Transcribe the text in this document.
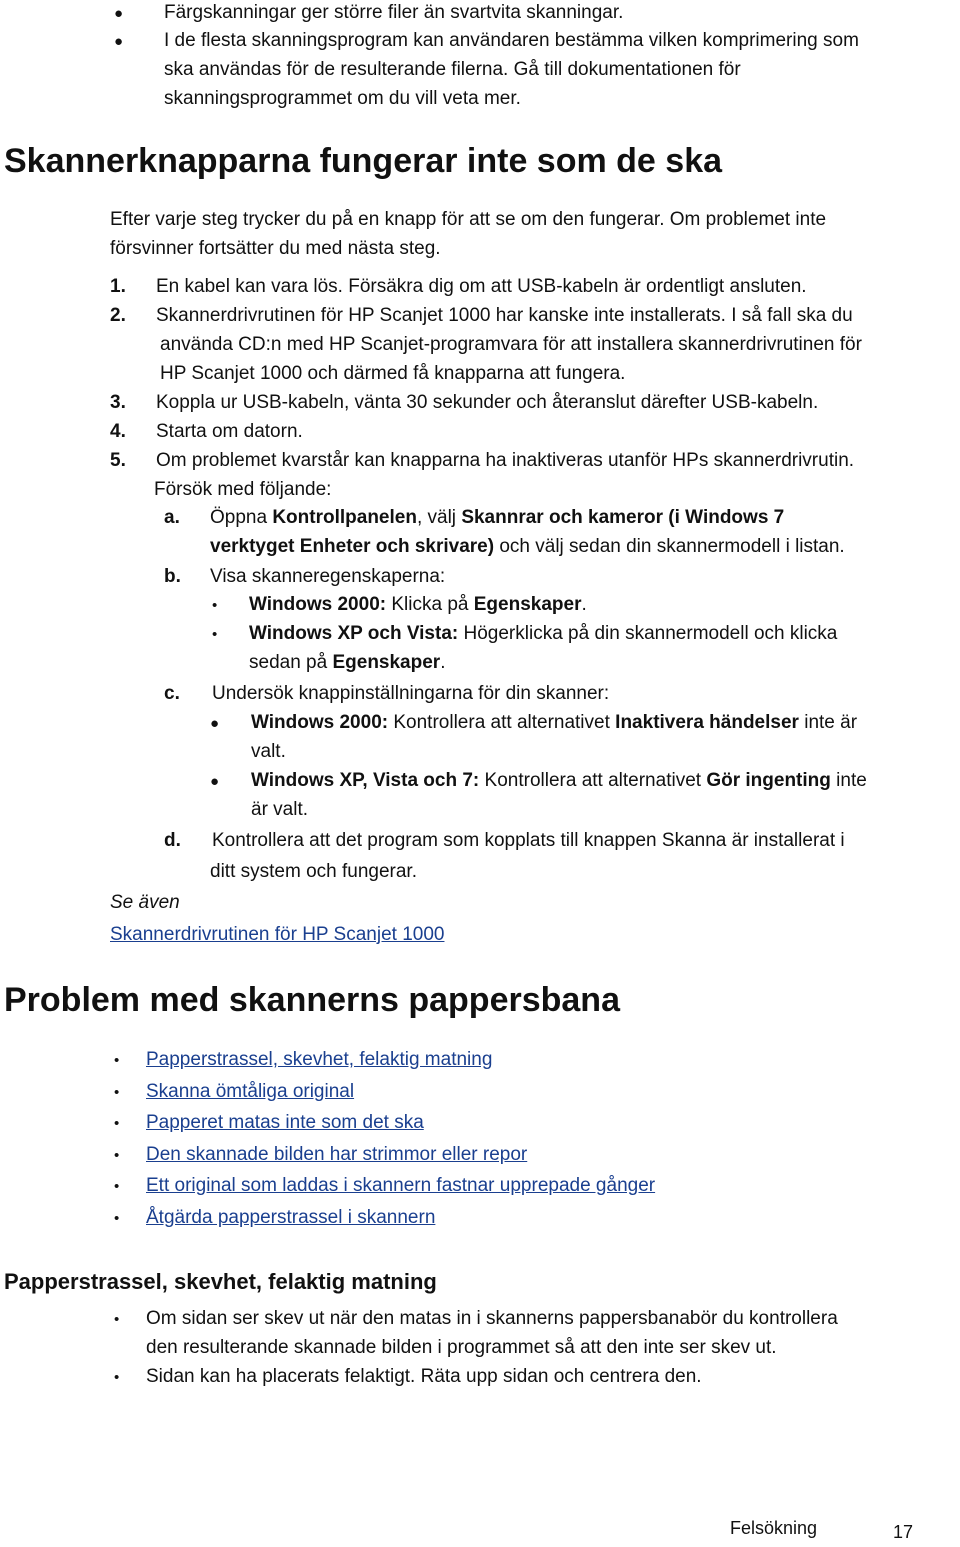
● Färgskanningar ger större filer än svartvita skanningar.
● I de flesta skanningsprogram kan användaren bestämma vilken komprimering som
ska användas för de resulterande filerna. Gå till dokumentationen för
skanningsprogrammet om du vill veta mer.
Skannerknapparna fungerar inte som de ska
Efter varje steg trycker du på en knapp för att se om den fungerar. Om problemet inte
försvinner fortsätter du med nästa steg.
1. En kabel kan vara lös. Försäkra dig om att USB-kabeln är ordentligt ansluten.
2. Skannerdrivrutinen för HP Scanjet 1000 har kanske inte installerats. I så fall ska du
använda CD:n med HP Scanjet-programvara för att installera skannerdrivrutinen för
HP Scanjet 1000 och därmed få knapparna att fungera.
3. Koppla ur USB-kabeln, vänta 30 sekunder och återanslut därefter USB-kabeln.
4. Starta om datorn.
5. Om problemet kvarstår kan knapparna ha inaktiveras utanför HPs skannerdrivrutin.
Försök med följande:
a. Öppna Kontrollpanelen, välj Skannrar och kameror (i Windows 7
verktyget Enheter och skrivare) och välj sedan din skannermodell i listan.
b. Visa skanneregenskaperna:
• Windows 2000: Klicka på Egenskaper.
• Windows XP och Vista: Högerklicka på din skannermodell och klicka
sedan på Egenskaper.
c. Undersök knappinställningarna för din skanner:
● Windows 2000: Kontrollera att alternativet Inaktivera händelser inte är
valt.
● Windows XP, Vista och 7: Kontrollera att alternativet Gör ingenting inte
är valt.
d. Kontrollera att det program som kopplats till knappen Skanna är installerat i
ditt system och fungerar.
Se även
Skannerdrivrutinen för HP Scanjet 1000
Problem med skannerns pappersbana
• Papperstrassel, skevhet, felaktig matning
• Skanna ömtåliga original
• Papperet matas inte som det ska
• Den skannade bilden har strimmor eller repor
• Ett original som laddas i skannern fastnar upprepade gånger
• Åtgärda papperstrassel i skannern
Papperstrassel, skevhet, felaktig matning
• Om sidan ser skev ut när den matas in i skannerns pappersbanabör du kontrollera
den resulterande skannade bilden i programmet så att den inte ser skev ut.
• Sidan kan ha placerats felaktigt. Räta upp sidan och centrera den.
Felsökning	17
